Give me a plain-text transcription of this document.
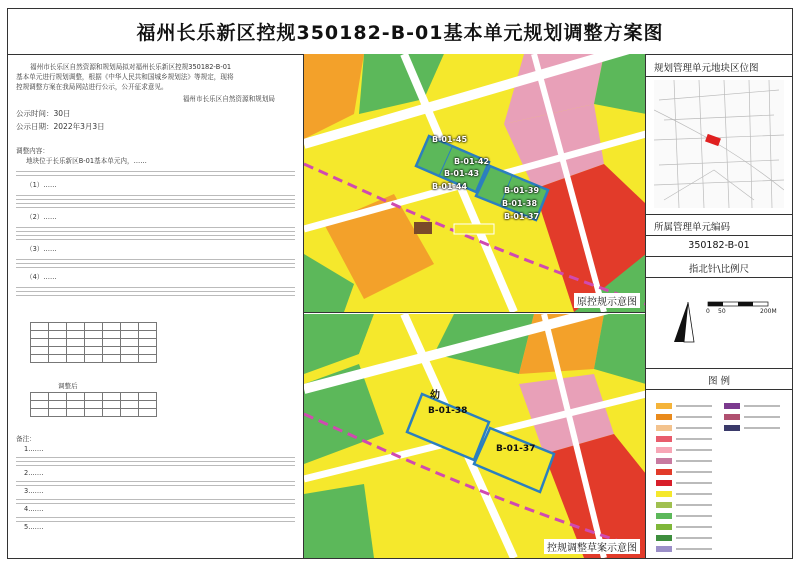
福州长乐新区控规350182-B-01基本单元规划调整方案图
福州市长乐区自然资源和规划局拟对福州长乐新区控规350182-B-01
基本单元进行规划调整，根据《中华人民共和国城乡规划法》等规定，现将
控规调整方案在我局网站进行公示，公开征求意见。
福州市长乐区自然资源和规划局
公示时间：30日
公示日期：2022年3月3日
调整内容：
地块位于长乐新区B-01基本单元内，……
（1）……
（2）……
（3）……
（4）……

调整后

备注：
1.……
2.……
3.……
4.……
5.……
B-01-45
B-01-42
B-01-43
B-01-44	B-01-39
B-01-38
B-01-37
原控规示意图
幼
B-01-38
B-01-37
控规调整草案示意图
规划管理单元地块区位图
所属管理单元编码
350182-B-01
指北针\比例尺
0 50	200M
图 例
